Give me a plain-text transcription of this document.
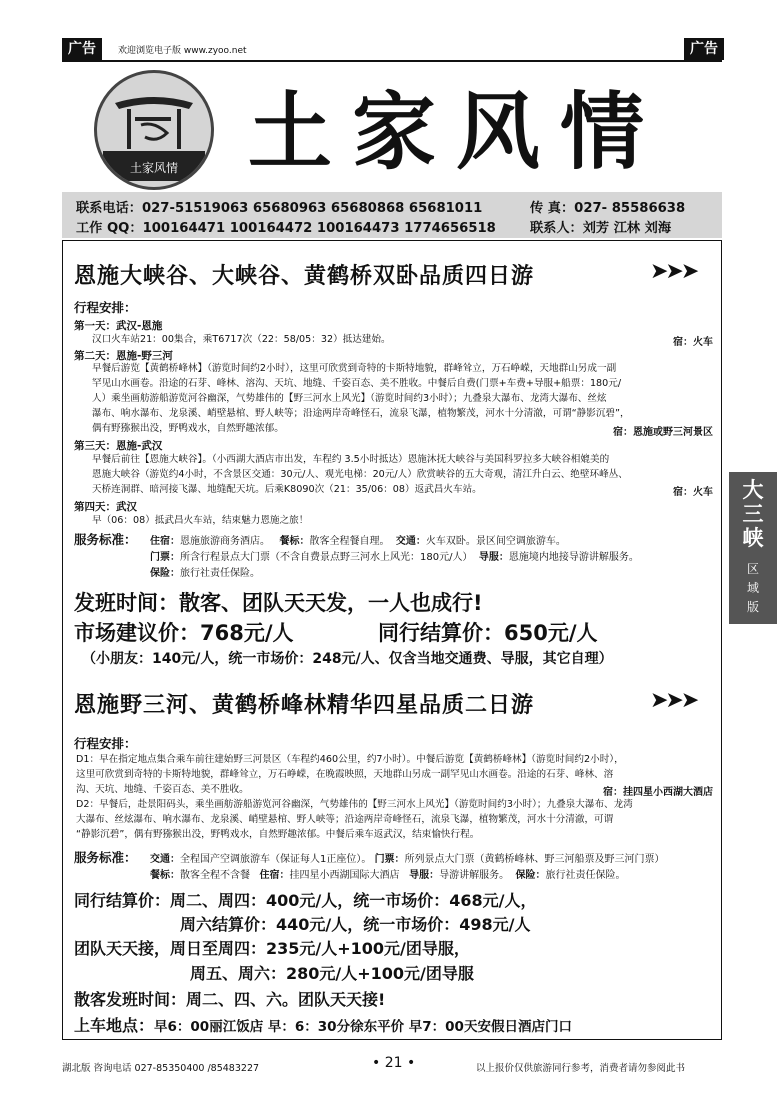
广告	欢迎浏览电子版 www.zyoo.net	广告
土家风情 土家风情
联系电话：027-51519063 65680963 65680868 65681011	传 真：027- 85586638
工作 QQ：100164471 100164472 100164473 1774656518	联系人：刘芳 江林 刘海
恩施大峡谷、大峡谷、黄鹤桥双卧品质四日游	➤➤➤
行程安排：
第一天：武汉-恩施
汉口火车站21：00集合，乘T6717次（22：58/05：32）抵达建始。	宿：火车
第二天：恩施-野三河
早餐后游览【黄鹤桥峰林】（游览时间约2小时），这里可欣赏到奇特的卡斯特地貌，群峰耸立，万石峥嵘，天地群山另成一副
罕见山水画卷。沿途的石芽、峰林、溶沟、天坑、地缝、千姿百态、美不胜收。中餐后自费(门票+车费+导服+船票：180元/
人）乘坐画舫游船游览河谷幽深，气势雄伟的【野三河水上风光】（游览时间约3小时）；九叠泉大瀑布、龙湾大瀑布、丝炫
瀑布、响水瀑布、龙泉溪、峭壁悬棺、野人峡等；沿途两岸奇峰怪石，流泉飞瀑，植物繁茂，河水十分清澈，可谓“静影沉碧”，
偶有野猕猴出没，野鸭戏水，自然野趣浓郁。	宿：恩施或野三河景区
第三天：恩施-武汉
早餐后前往【恩施大峡谷】。（小西湖大酒店市出发，车程约 3.5小时抵达）恩施沐抚大峡谷与美国科罗拉多大峡谷相媲美的
恩施大峡谷（游览约4小时，不含景区交通：30元/人、观光电梯：20元/人）欣赏峡谷的五大奇观，清江升白云、绝壁环峰丛、
天桥连洞群、暗河接飞瀑、地缝配天坑。后乘K8090次（21：35/06：08）返武昌火车站。	宿：火车
第四天：武汉
早（06：08）抵武昌火车站，结束魅力恩施之旅！
服务标准： 住宿：恩施旅游商务酒店。 餐标：散客全程餐自理。 交通：火车双卧。景区间空调旅游车。
门票：所含行程景点大门票（不含自费景点野三河水上风光：180元/人） 导服：恩施境内地接导游讲解服务。
保险：旅行社责任保险。
发班时间：散客、团队天天发，一人也成行!
市场建议价：768元/人	同行结算价：650元/人
（小朋友：140元/人，统一市场价：248元/人、仅含当地交通费、导服，其它自理）
恩施野三河、黄鹤桥峰林精华四星品质二日游	➤➤➤
行程安排：
D1：早在指定地点集合乘车前往建始野三河景区（车程约460公里，约7小时）。中餐后游览【黄鹤桥峰林】（游览时间约2小时），
这里可欣赏到奇特的卡斯特地貌，群峰耸立，万石峥嵘，在晚霞映照，天地群山另成一副罕见山水画卷。沿途的石芽、峰林、溶
沟、天坑、地缝、千姿百态、美不胜收。	宿：挂四星小西湖大酒店
D2：早餐后，赴景阳码头，乘坐画舫游船游览河谷幽深，气势雄伟的【野三河水上风光】（游览时间约3小时）；九叠泉大瀑布、龙湾
大瀑布、丝炫瀑布、响水瀑布、龙泉溪、峭壁悬棺、野人峡等；沿途两岸奇峰怪石，流泉飞瀑，植物繁茂，河水十分清澈，可谓
“静影沉碧”，偶有野猕猴出没，野鸭戏水，自然野趣浓郁。中餐后乘车返武汉，结束愉快行程。
服务标准： 交通：全程国产空调旅游车（保证每人1正座位）。 门票：所列景点大门票（黄鹤桥峰林、野三河船票及野三河门票）
餐标：散客全程不含餐 住宿：挂四星小西湖国际大酒店 导服：导游讲解服务。 保险：旅行社责任保险。
同行结算价：周二、周四：400元/人，统一市场价：468元/人，
周六结算价：440元/人，统一市场价：498元/人
团队天天接，周日至周四：235元/人+100元/团导服，
周五、周六：280元/人+100元/团导服
散客发班时间：周二、四、六。团队天天接!
上车地点：早6：00丽江饭店 早：6：30分徐东平价 早7：00天安假日酒店门口
大
三
峡
区
域
版
湖北版 咨询电话 027-85350400 /85483227	• 21 •	以上报价仅供旅游同行参考，消费者请勿参阅此书
